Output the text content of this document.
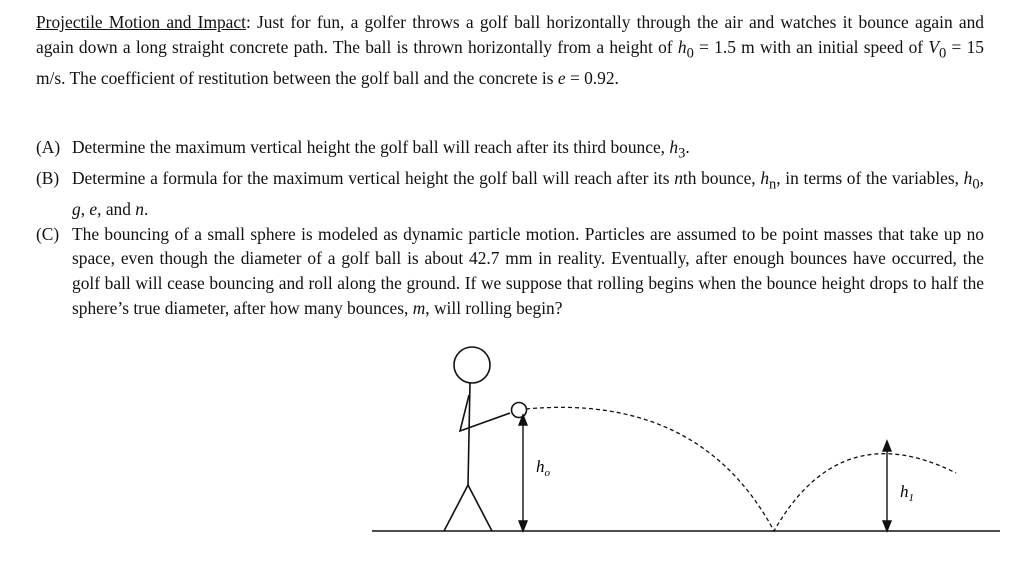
Projectile Motion and Impact: Just for fun, a golfer throws a golf ball horizontally through the air and watches it bounce again and again down a long straight concrete path. The ball is thrown horizontally from a height of $h_0 = 1.5$ m with an initial speed of $V_0 = 15$ m/s. The coefficient of restitution between the golf ball and the concrete is e = 0.92.

(A) Determine the maximum vertical height the golf ball will reach after its third bounce, $h_3$.

(B) Determine a formula for the maximum vertical height the golf ball will reach after its nth bounce, $h_n$, in terms of the variables, $h_0$, g, e, and n.

(C) The bouncing of a small sphere is modeled as dynamic particle motion. Particles are assumed to be point masses that take up no space, even though the diameter of a golf ball is about 42.7 mm in reality. Eventually, after enough bounces have occurred, the golf ball will cease bouncing and roll along the ground. If we suppose that rolling begins when the bounce height drops to half the sphere’s true diameter, after how many bounces, m, will rolling begin?

$h_o$
$h_1$
